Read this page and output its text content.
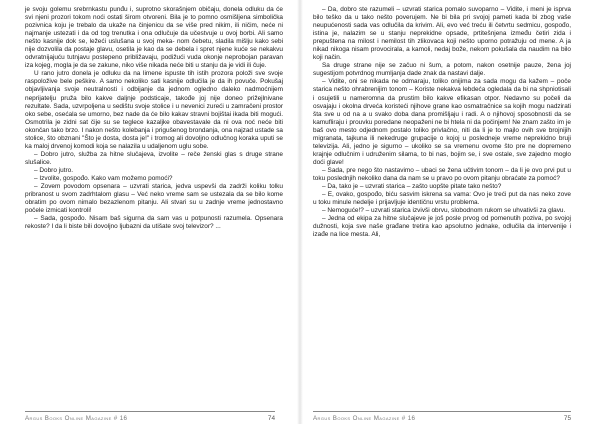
je svoju golemu srebrnkastu punđu i, suprotno skorašnjem običaju, donela odluku da će svi njeni prozori tokom noći ostati širom otvoreni. Bila je to pomno osmišljena simbolička pozivnica koju je trebalo da ukaže na činjenicu da se više pred nikim, ili ničim, neće ni najmanje ustezati i da od tog trenutka i ona odlučuje da učestvuje u ovoj borbi. Ali samo nešto kasnije dok se, ležeći uslušana u svoj meka- nom čebetu, sladila mišlju kako sebi nije dozvolila da postaje glavu, osetila je kao da se debela i spret njene kuće se nekakvu odvratnijajuću tutnjavu postepeno približavaju, podižući vuda okonje neprobojan paravan iza kojeg, mogla je da se zakune, niko više nikada neće biti u stanju da je vidi ili čuje.

U rano jutro donela je odluku da na limene ispuste tih istih prozora položi sve svoje raspoložive bele peškire. A samo nekoliko sati kasnije odlučila je da ih povuče. Pokušaj objavljivanja svoje neutralnosti i odbijanje da jednom ogledno daleko nadmoćnijem neprijatelju pruža bilo kakve daljnje podsticaje, takođe joj nije doneo prižejlnivane rezultate. Sada, uzvrpoljena u sedištu svoje stolice i u nevenici zureći u zamračeni prostor oko sebe, osećala se umorno, bez nade da će bilo kakav stravni bojištai ikada biti mogući. Osmotrila je zidni sat čije su se teglece kazaljke obavestavale da ni ova noć neće biti okončan tako brzo. I nakon nešto kolebanja i prigušenog brondanja, ona najzad ustade sa stolice, što obznani "Što je dosta, dosta je!" i tromog ali dovoljno odlučnog koraka uputi se ka maloj drvenoj komodi koja se nalazila u udaljenom uglu sobe.

– Dobro jutro, služba za hitne slučajeva, izvolite – reče ženski glas s druge strane slušalice.

– Dobro jutro.

– Izvolite, gospođo. Kako vam možemo pomoći?

– Zovem povodom opsenara – uzvrati starica, jedva uspevši da zadrži koliku tolku pribranost u svom zadrhtalom glasu – Već neko vreme sam se ustezala da se bilo kome obratim po ovom nimalo bezazlenom pitanju. Ali stvari su u zadnje vreme jednostavno počele izmicati kontroli!

– Sada, gospođo. Nisam baš sigurna da sam vas u potpunosti razumela. Opsenara rekoste? I da li biste bili dovoljno ljubazni da utišate svoj televizor? ...

Argus Books Online Magazine # 16	74

– Da, dobro ste razumeli – uzvrati starica pomalo suvoparno – Vidite, i meni je isprva bilo teško da u tako nešto poverujem. Ne bi bila pri svojoj pameti kada bi zbog vaše neupućenosti sada vas odlučila da krivim. Ali, evo već treću ili četvrtu sedmicu, gospođo, istina je, nalazim se u stanju neprekidne opsade, prtitešnjena između četiri zida i prepuštena na milost i nemilost tih zlikovaca koji nešto uporno potražuju od mene. A ja nikad nikoga nisam provocirala, a kamoli, nedaj bože, nekom pokušala da naudim na bilo koji način.

Sa druge strane nije se začuo ni šum, a potom, nakon osetnije pauze, žena joj sugestijom potvrdnog mumljanja dade znak da nastavi dalje.

– Vidite, oni se nikada ne odmaraju, toliko onijima za sada mogu da kažem – poče starica nešto ohrabrenijim tonom – Koriste nekakva lebdeća ogledala da bi na shpniotisali i osujetili u nameromna da prustim bilo kakve efikasan otpor. Nedavno su počeli da osvajaju i okolna drveća koristeći njihove grane kao osmatračnice sa kojih mogu nadzirati šta sve u od na a u svako doba dana promišljaju i radi. A o njihovoj sposobnosti da se kamufliraju i prouvku poredane neopaženi ne bi htela ni da počinjem! Ne znam zašto im je baš ovo mesto odjednom postalo toliko privlačno, niti da li je to majlo ovih sve brojnijih migranata, tajkuna ili nekedruge grupacije o kojoj u posledneje vreme neprekidno bruji televizija. Ali, jedno je sigurno – ukoliko se sa vremenu ovome što pre ne dopremeno krajnje odlučnim i udruženim silama, to bi nas, bojim se, i sve ostale, sve zajedno moglo doći glave!

– Sada, pre nego što nastavimo – ubaci se žena učtivim tonom – da li je ovo prvi put u toku poslednjih nekoliko dana da nam se u pravo po ovom pitanju obraćate za pomoć?

– Da, tako je – uzvrati starica – zašto uopšte pitate tako nešto?

– E, ovako, gospođo, biću sasvim iskrena sa vama: Ovo je treći put da nas neko zove u toku minule nedelje i prijavljuje identičnu vrstu problema.

– Nemoguće!? – uzvrati starica izvivši obrvu, slobodnom rukom se uhvativši za glavu.

– Jedna od ekipa za hitne slučajeve je još posle prvog od pomenutih poziva, po svojoj dužnosti, koja sve naše građane tretira kao apsolutno jednake, odlučila da intervenije i izađe na lice mesta. Ali,

Argus Books Online Magazine # 16	75
